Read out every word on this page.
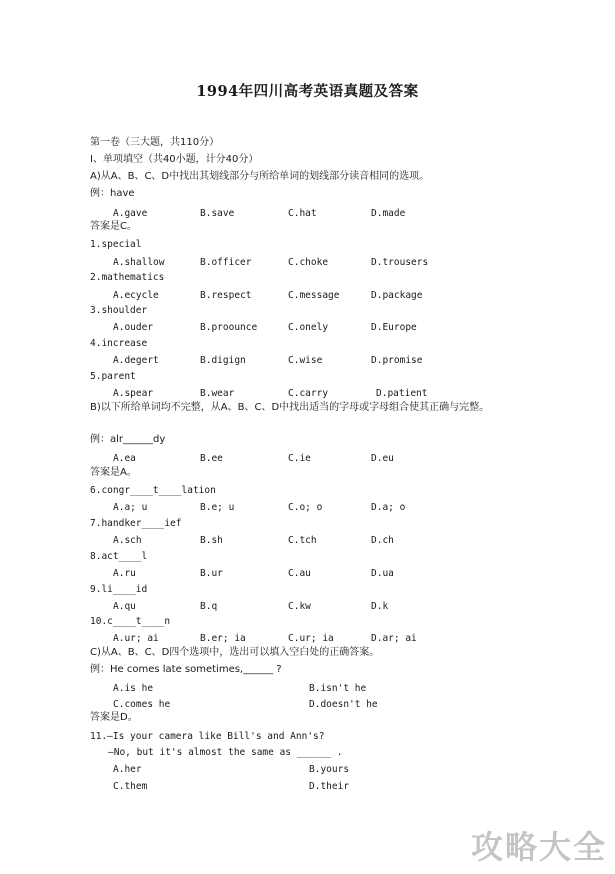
1994年四川高考英语真题及答案
第一卷（三大题，共110分）
I、单项填空（共40小题，计分40分）
A)从A、B、C、D中找出其划线部分与所给单词的划线部分读音相同的选项。
例：have
A.gave	B.save	C.hat	D.made
答案是C。
1.special
A.shallow	B.officer	C.choke	D.trousers
2.mathematics
A.ecycle	B.respect	C.message	D.package
3.shoulder
A.ouder	B.proounce	C.onely	D.Europe
4.increase
A.degert	B.digign	C.wise	D.promise
5.parent
A.spear	B.wear	C.carry	D.patient
B)以下所给单词均不完整，从A、B、C、D中找出适当的字母或字母组合使其正确与完整。
例：alr______dy
A.ea	B.ee	C.ie	D.eu
答案是A。
6.congr____t____lation
A.a; u	B.e; u	C.o; o	D.a; o
7.handker____ief
A.sch	B.sh	C.tch	D.ch
8.act____l
A.ru	B.ur	C.au	D.ua
9.li____id
A.qu	B.q	C.kw	D.k
10.c____t____n
A.ur; ai	B.er; ia	C.ur; ia	D.ar; ai
C)从A、B、C、D四个选项中，选出可以填入空白处的正确答案。
例：He comes late sometimes,______ ?
A.is he	B.isn't he
C.comes he	D.doesn't he
答案是D。
11.—Is your camera like Bill's and Ann's?
—No, but it's almost the same as ______ .
A.her	B.yours
C.them	D.their
攻略大全
